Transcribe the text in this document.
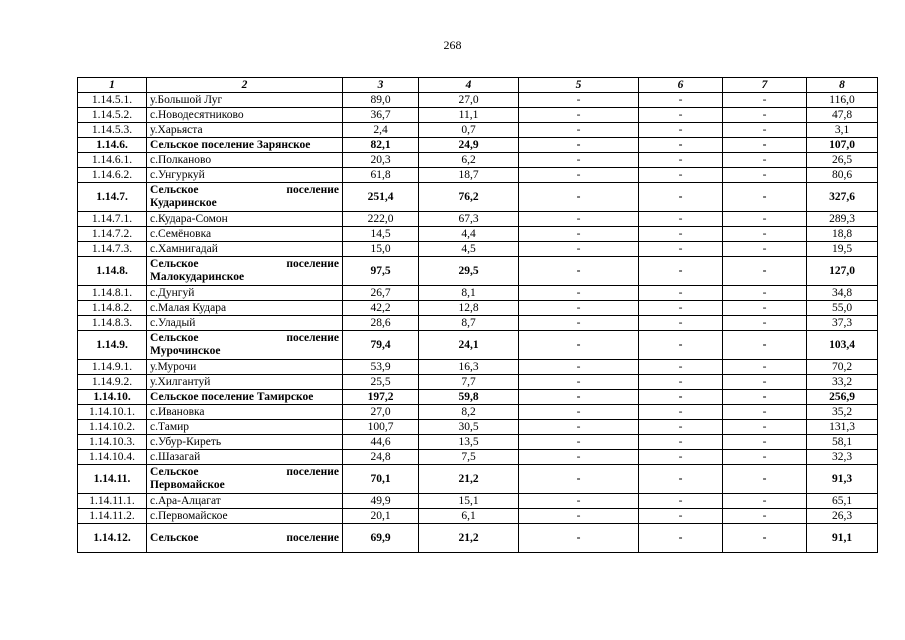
268
1	2	3	4	5	6	7	8
1.14.5.1.	у.Большой Луг	89,0	27,0	-	-	-	116,0
1.14.5.2.	с.Новодесятниково	36,7	11,1	-	-	-	47,8
1.14.5.3.	у.Харьяста	2,4	0,7	-	-	-	3,1
1.14.6.	Сельское поселение Зарянское	82,1	24,9	-	-	-	107,0
1.14.6.1.	с.Полканово	20,3	6,2	-	-	-	26,5
1.14.6.2.	с.Унгуркуй	61,8	18,7	-	-	-	80,6
1.14.7.	Сельское поселение
Кударинское	251,4	76,2	-	-	-	327,6
1.14.7.1.	с.Кудара-Сомон	222,0	67,3	-	-	-	289,3
1.14.7.2.	с.Семёновка	14,5	4,4	-	-	-	18,8
1.14.7.3.	с.Хамнигадай	15,0	4,5	-	-	-	19,5
1.14.8.	Сельское поселение
Малокударинское	97,5	29,5	-	-	-	127,0
1.14.8.1.	с.Дунгуй	26,7	8,1	-	-	-	34,8
1.14.8.2.	с.Малая Кудара	42,2	12,8	-	-	-	55,0
1.14.8.3.	с.Уладый	28,6	8,7	-	-	-	37,3
1.14.9.	Сельское поселение
Мурочинское	79,4	24,1	-	-	-	103,4
1.14.9.1.	у.Мурочи	53,9	16,3	-	-	-	70,2
1.14.9.2.	у.Хилгантуй	25,5	7,7	-	-	-	33,2
1.14.10.	Сельское поселение Тамирское	197,2	59,8	-	-	-	256,9
1.14.10.1.	с.Ивановка	27,0	8,2	-	-	-	35,2
1.14.10.2.	с.Тамир	100,7	30,5	-	-	-	131,3
1.14.10.3.	с.Убур-Киреть	44,6	13,5	-	-	-	58,1
1.14.10.4.	с.Шазагай	24,8	7,5	-	-	-	32,3
1.14.11.	Сельское поселение
Первомайское	70,1	21,2	-	-	-	91,3
1.14.11.1.	с.Ара-Алцагат	49,9	15,1	-	-	-	65,1
1.14.11.2.	с.Первомайское	20,1	6,1	-	-	-	26,3
1.14.12.	Сельское поселение	69,9	21,2	-	-	-	91,1
